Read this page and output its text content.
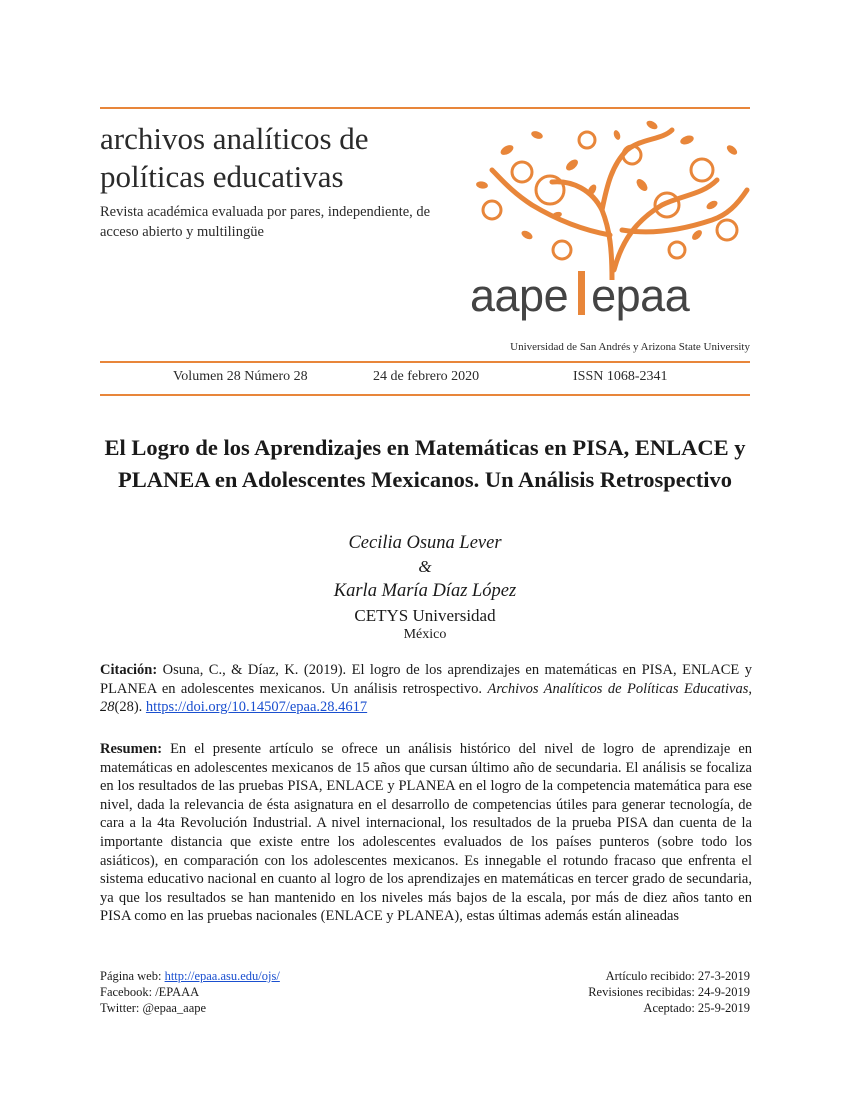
archivos analíticos de políticas educativas
Revista académica evaluada por pares, independiente, de acceso abierto y multilingüe
aape epaa
Universidad de San Andrés y Arizona State University
Volumen 28 Número 28	24 de febrero 2020	ISSN 1068-2341
El Logro de los Aprendizajes en Matemáticas en PISA, ENLACE y PLANEA en Adolescentes Mexicanos. Un Análisis Retrospectivo
Cecilia Osuna Lever
&
Karla María Díaz López
CETYS Universidad
México
Citación: Osuna, C., & Díaz, K. (2019). El logro de los aprendizajes en matemáticas en PISA, ENLACE y PLANEA en adolescentes mexicanos. Un análisis retrospectivo. Archivos Analíticos de Políticas Educativas, 28(28). https://doi.org/10.14507/epaa.28.4617
Resumen: En el presente artículo se ofrece un análisis histórico del nivel de logro de aprendizaje en matemáticas en adolescentes mexicanos de 15 años que cursan último año de secundaria. El análisis se focaliza en los resultados de las pruebas PISA, ENLACE y PLANEA en el logro de la competencia matemática para ese nivel, dada la relevancia de ésta asignatura en el desarrollo de competencias útiles para generar tecnología, de cara a la 4ta Revolución Industrial. A nivel internacional, los resultados de la prueba PISA dan cuenta de la importante distancia que existe entre los adolescentes evaluados de los países punteros (sobre todo los asiáticos), en comparación con los adolescentes mexicanos. Es innegable el rotundo fracaso que enfrenta el sistema educativo nacional en cuanto al logro de los aprendizajes en matemáticas en tercer grado de secundaria, ya que los resultados se han mantenido en los niveles más bajos de la escala, por más de diez años tanto en PISA como en las pruebas nacionales (ENLACE y PLANEA), estas últimas además están alineadas
Página web: http://epaa.asu.edu/ojs/
Facebook: /EPAAA
Twitter: @epaa_aape
Artículo recibido: 27-3-2019
Revisiones recibidas: 24-9-2019
Aceptado: 25-9-2019
